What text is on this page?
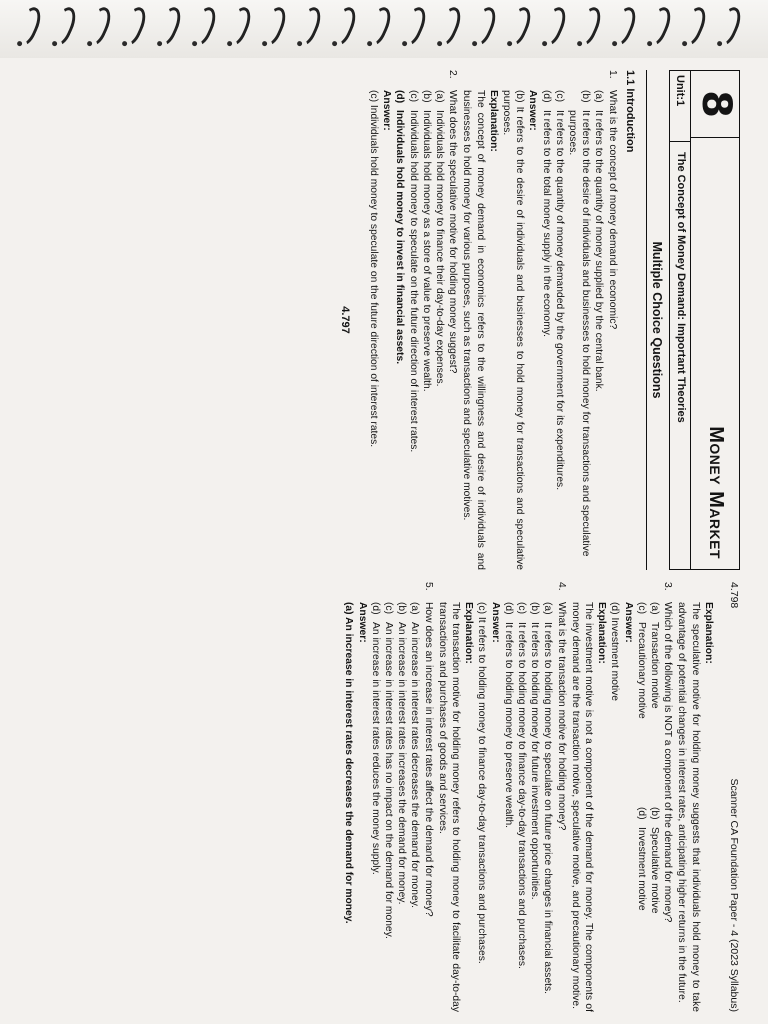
8
Money Market
Unit:1
The Concept of Money Demand: Important Theories
Multiple Choice Questions
1.1 Introduction
1.
What is the concept of money demand in economic?
(a)
It refers to the quantity of money supplied by the central bank.
(b)
It refers to the desire of individuals and businesses to hold money for transactions and speculative purposes.
(c)
It refers to the quantity of money demanded by the government for its expenditures.
(d)
It refers to the total money supply in the economy.
Answer:
(b) It refers to the desire of individuals and businesses to hold money for transactions and speculative purposes.
Explanation:
The concept of money demand in economics refers to the willingness and desire of individuals and businesses to hold money for various purposes, such as transactions and speculative motives.
2.
What does the speculative motive for holding money suggest?
(a)
Individuals hold money to finance their day-to-day expenses.
(b)
Individuals hold money as a store of value to preserve wealth.
(c)
Individuals hold money to speculate on the future direction of interest rates.
(d)
Individuals hold money to invest in financial assets.
Answer:
(c) Individuals hold money to speculate on the future direction of interest rates.
4.797
4.798
Scanner CA Foundation Paper - 4 (2023 Syllabus)
Explanation:
The speculative motive for holding money suggests that individuals hold money to take advantage of potential changes in interest rates, anticipating higher returns in the future.
3.
Which of the following is NOT a component of the demand for money?
(a)
Transaction motive
(b)
Speculative motive
(c)
Precautionary motive
(d)
Investment motive
Answer:
(d) Investment motive
Explanation:
The investment motive is not a component of the demand for money. The components of money demand are the transaction motive, speculative motive, and precautionary motive.
4.
What is the transaction motive for holding money?
(a)
It refers to holding money to speculate on future price changes in financial assets.
(b)
It refers to holding money for future investment opportunities.
(c)
It refers to holding money to finance day-to-day transactions and purchases.
(d)
It refers to holding money to preserve wealth.
Answer:
(c) It refers to holding money to finance day-to-day transactions and purchases.
Explanation:
The transaction motive for holding money refers to holding money to facilitate day-to-day transactions and purchases of goods and services.
5.
How does an increase in interest rates affect the demand for money?
(a)
An increase in interest rates decreases the demand for money.
(b)
An increase in interest rates increases the demand for money.
(c)
An increase in interest rates has no impact on the demand for money.
(d)
An increase in interest rates reduces the money supply.
Answer:
(a) An increase in interest rates decreases the demand for money.
